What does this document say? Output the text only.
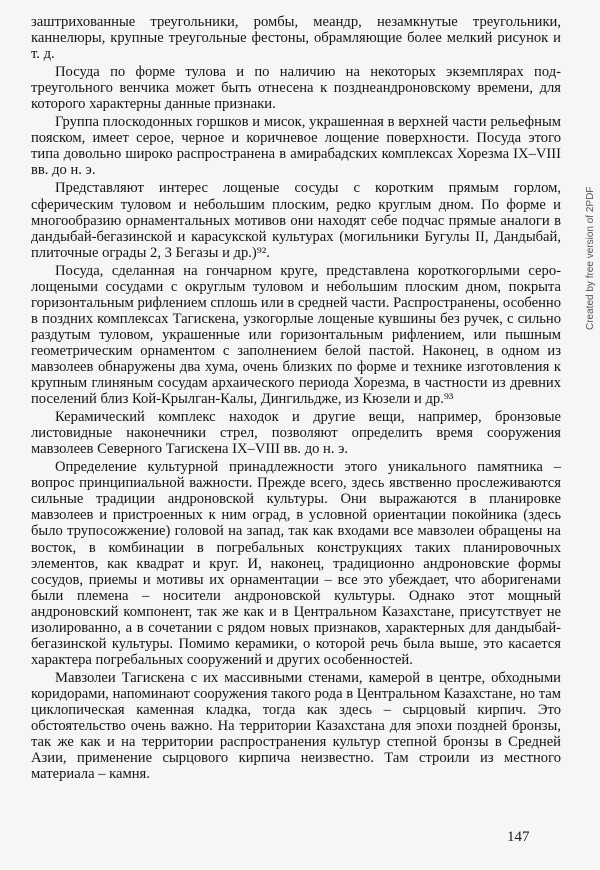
заштрихованные треугольники, ромбы, меандр, незамкнутые треугольники, каннелюры, крупные треугольные фестоны, обрамляющие более мелкий рисунок и т. д.

Посуда по форме тулова и по наличию на некоторых экземплярах подтреугольного венчика может быть отнесена к позднеандроновскому времени, для которого характерны данные признаки.

Группа плоскодонных горшков и мисок, украшенная в верхней части рельефным пояском, имеет серое, черное и коричневое лощение поверхности. Посуда этого типа довольно широко распространена в амирабадских комплексах Хорезма IX–VIII вв. до н. э.

Представляют интерес лощеные сосуды с коротким прямым горлом, сферическим туловом и небольшим плоским, редко круглым дном. По форме и многообразию орнаментальных мотивов они находят себе подчас прямые аналоги в дандыбай-бегазинской и карасукской культурах (могильники Бугулы II, Дандыбай, плиточные ограды 2, 3 Бегазы и др.)⁹².

Посуда, сделанная на гончарном круге, представлена короткогорлыми серо-лощеными сосудами с округлым туловом и небольшим плоским дном, покрыта горизонтальным рифлением сплошь или в средней части. Распространены, особенно в поздних комплексах Тагискена, узкогорлые лощеные кувшины без ручек, с сильно раздутым туловом, украшенные или горизонтальным рифлением, или пышным геометрическим орнаментом с заполнением белой пастой. Наконец, в одном из мавзолеев обнаружены два хума, очень близких по форме и технике изготовления к крупным глиняным сосудам архаического периода Хорезма, в частности из древних поселений близ Кой-Крылган-Калы, Дингильдже, из Кюзели и др.⁹³

Керамический комплекс находок и другие вещи, например, бронзовые листовидные наконечники стрел, позволяют определить время сооружения мавзолеев Северного Тагискена IX–VIII вв. до н. э.

Определение культурной принадлежности этого уникального памятника – вопрос принципиальной важности. Прежде всего, здесь явственно прослеживаются сильные традиции андроновской культуры. Они выражаются в планировке мавзолеев и пристроенных к ним оград, в условной ориентации покойника (здесь было трупосожжение) головой на запад, так как входами все мавзолеи обращены на восток, в комбинации в погребальных конструкциях таких планировочных элементов, как квадрат и круг. И, наконец, традиционно андроновские формы сосудов, приемы и мотивы их орнаментации – все это убеждает, что аборигенами были племена – носители андроновской культуры. Однако этот мощный андроновский компонент, так же как и в Центральном Казахстане, присутствует не изолированно, а в сочетании с рядом новых признаков, характерных для дандыбай-бегазинской культуры. Помимо керамики, о которой речь была выше, это касается характера погребальных сооружений и других особенностей.

Мавзолеи Тагискена с их массивными стенами, камерой в центре, обходными коридорами, напоминают сооружения такого рода в Центральном Казахстане, но там циклопическая каменная кладка, тогда как здесь – сырцовый кирпич. Это обстоятельство очень важно. На территории Казахстана для эпохи поздней бронзы, так же как и на территории распространения культур степной бронзы в Средней Азии, применение сырцового кирпича неизвестно. Там строили из местного материала – камня.

147
Created by free version of 2PDF
